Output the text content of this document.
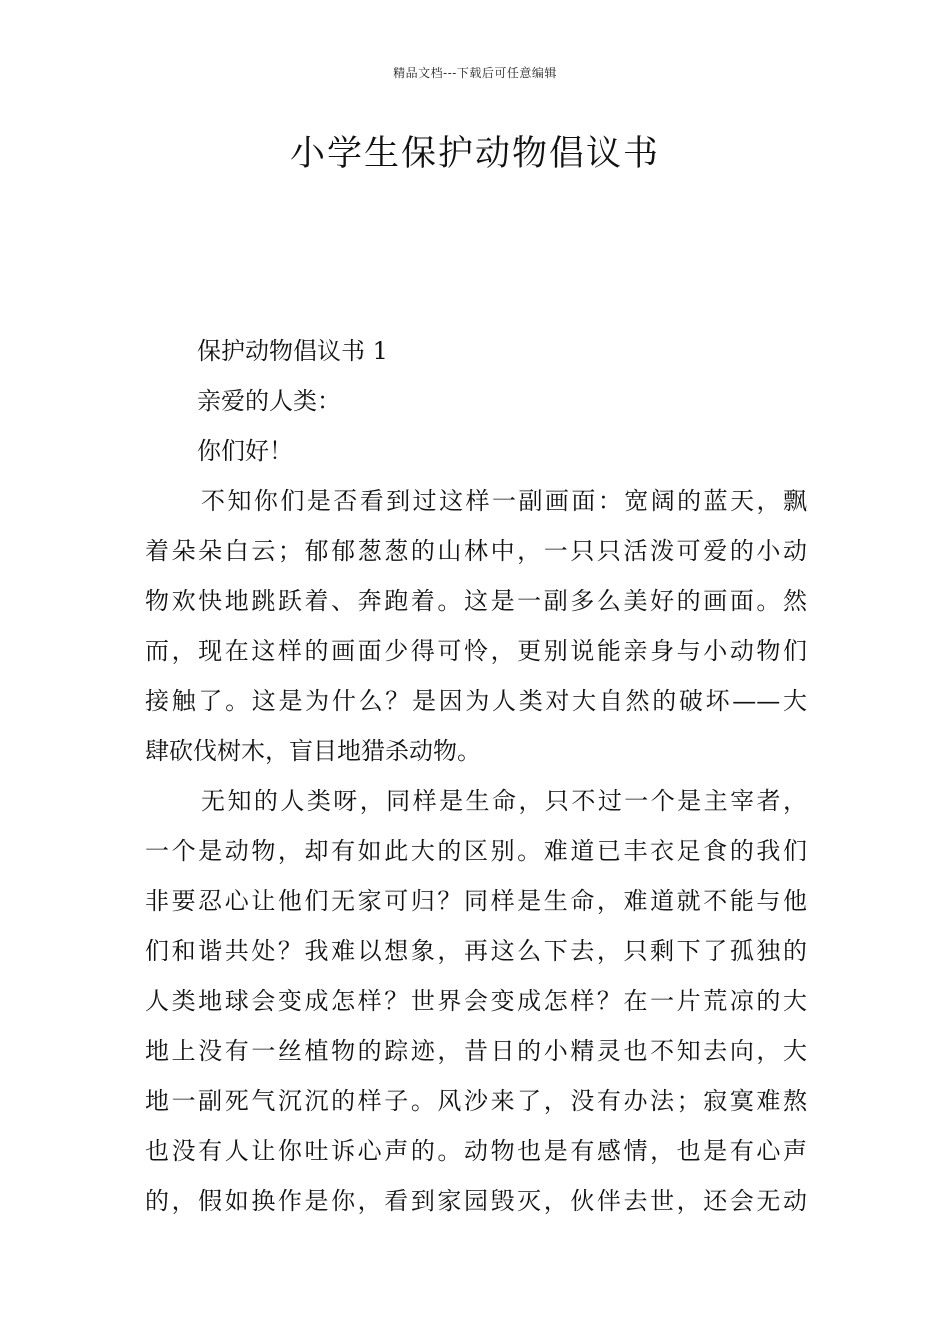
精品文档---下载后可任意编辑
小学生保护动物倡议书
保护动物倡议书 1
亲爱的人类：
你们好！
不知你们是否看到过这样一副画面：宽阔的蓝天，飘
着朵朵白云；郁郁葱葱的山林中，一只只活泼可爱的小动
物欢快地跳跃着、奔跑着。这是一副多么美好的画面。然
而，现在这样的画面少得可怜，更别说能亲身与小动物们
接触了。这是为什么？是因为人类对大自然的破坏——大
肆砍伐树木，盲目地猎杀动物。
无知的人类呀，同样是生命，只不过一个是主宰者，
一个是动物，却有如此大的区别。难道已丰衣足食的我们
非要忍心让他们无家可归？同样是生命，难道就不能与他
们和谐共处？我难以想象，再这么下去，只剩下了孤独的
人类地球会变成怎样？世界会变成怎样？在一片荒凉的大
地上没有一丝植物的踪迹，昔日的小精灵也不知去向，大
地一副死气沉沉的样子。风沙来了，没有办法；寂寞难熬
也没有人让你吐诉心声的。动物也是有感情，也是有心声
的，假如换作是你，看到家园毁灭，伙伴去世，还会无动
